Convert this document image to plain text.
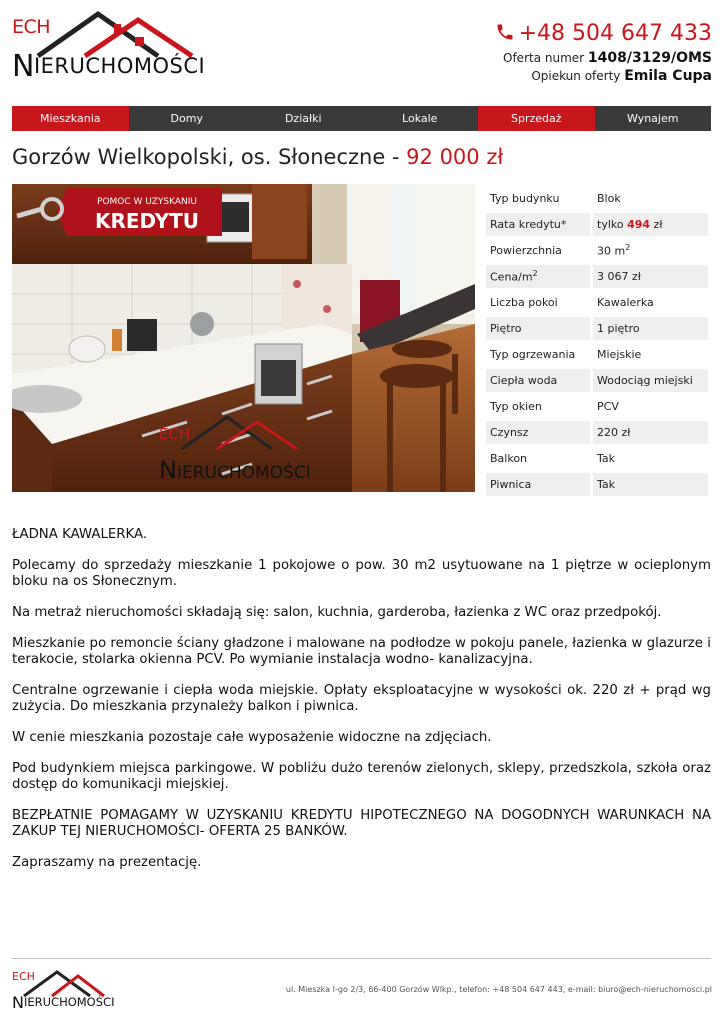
ECH
NIERUCHOMOŚCI
+48 504 647 433
Oferta numer 1408/3129/OMS
Opiekun oferty Emila Cupa
Mieszkania	Domy	Działki	Lokale	Sprzedaż	Wynajem
Gorzów Wielkopolski, os. Słoneczne - 92 000 zł
POMOC W UZYSKANIU
KREDYTU
ECH
NIERUCHOMOŚCI
Typ budynku	Blok
Rata kredytu*	tylko 494 zł
Powierzchnia	30 $m^2$
Cena/$m^2$	3 067 zł
Liczba pokoi	Kawalerka
Piętro	1 piętro
Typ ogrzewania	Miejskie
Ciepła woda	Wodociąg miejski
Typ okien	PCV
Czynsz	220 zł
Balkon	Tak
Piwnica	Tak

ŁADNA KAWALERKA.

Polecamy do sprzedaży mieszkanie 1 pokojowe o pow. 30 m2 usytuowane na 1 piętrze w ocieplonym bloku na os Słonecznym.

Na metraż nieruchomości składają się: salon, kuchnia, garderoba, łazienka z WC oraz przedpokój.

Mieszkanie po remoncie ściany gładzone i malowane na podłodze w pokoju panele, łazienka w glazurze i terakocie, stolarka okienna PCV. Po wymianie instalacja wodno- kanalizacyjna.

Centralne ogrzewanie i ciepła woda miejskie. Opłaty eksploatacyjne w wysokości ok. 220 zł + prąd wg zużycia. Do mieszkania przynależy balkon i piwnica.

W cenie mieszkania pozostaje całe wyposażenie widoczne na zdjęciach.

Pod budynkiem miejsca parkingowe. W pobliżu dużo terenów zielonych, sklepy, przedszkola, szkoła oraz dostęp do komunikacji miejskiej.

BEZPŁATNIE POMAGAMY W UZYSKANIU KREDYTU HIPOTECZNEGO NA DOGODNYCH WARUNKACH NA ZAKUP TEJ NIERUCHOMOŚCI- OFERTA 25 BANKÓW.

Zapraszamy na prezentację.

ECH
NIERUCHOMOŚCI
ul. Mieszka I-go 2/3, 66-400 Gorzów Wlkp., telefon: +48 504 647 443, e-mail: biuro@ech-nieruchomosci.pl
